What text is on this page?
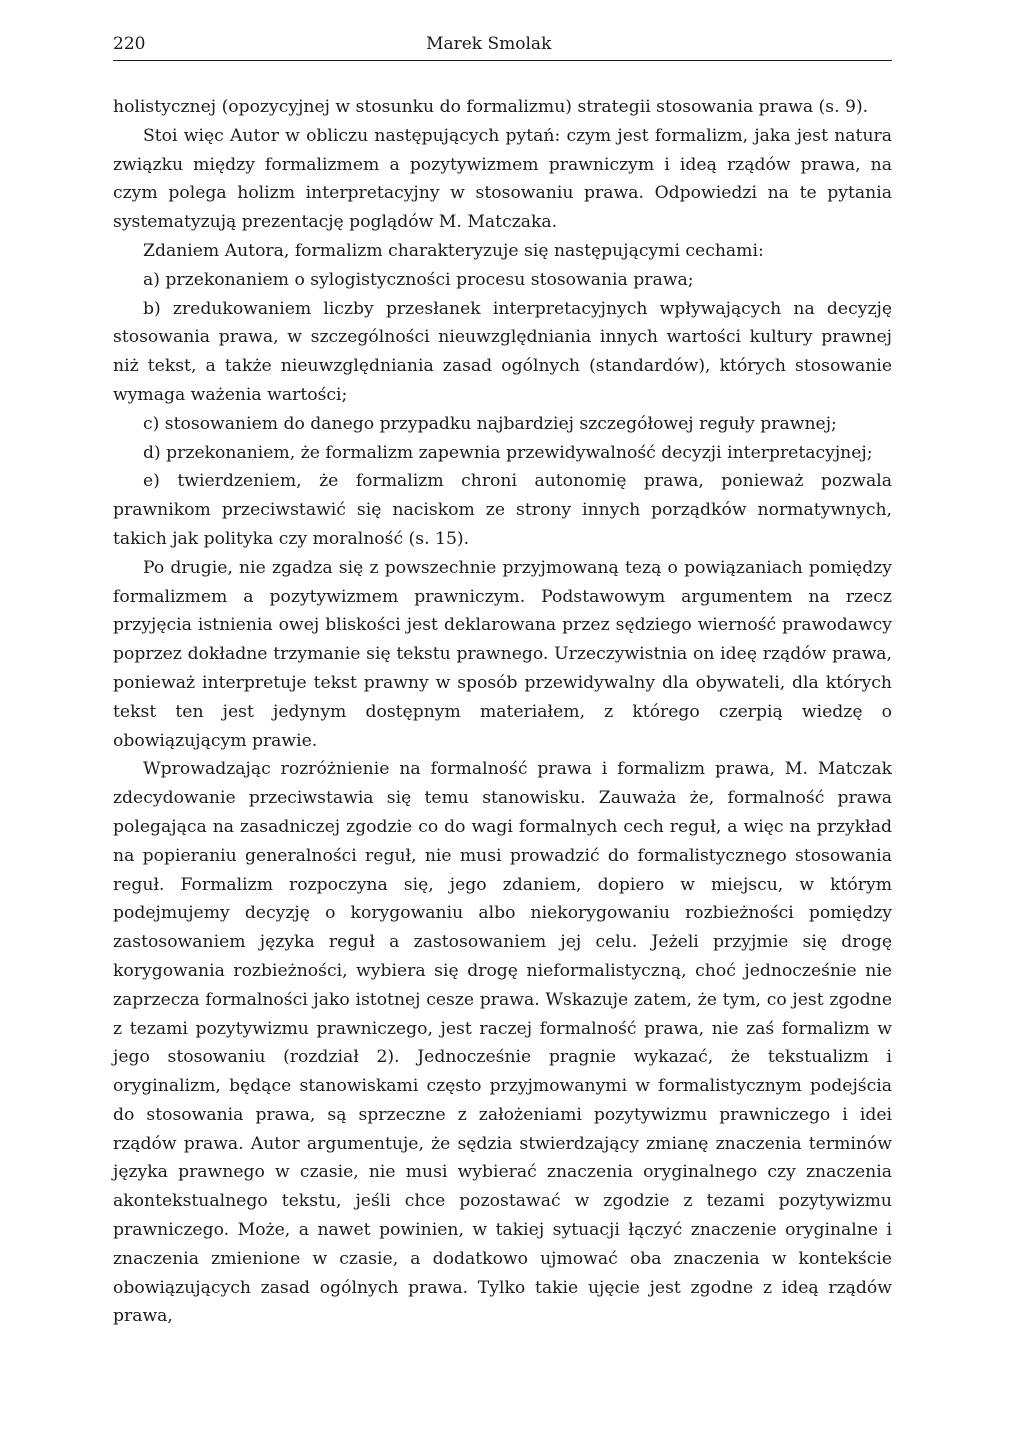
220	Marek Smolak

holistycznej (opozycyjnej w stosunku do formalizmu) strategii stosowania prawa (s. 9).

Stoi więc Autor w obliczu następujących pytań: czym jest formalizm, jaka jest natura związku między formalizmem a pozytywizmem prawniczym i ideą rządów prawa, na czym polega holizm interpretacyjny w stosowaniu prawa. Odpowiedzi na te pytania systematyzują prezentację poglądów M. Matczaka.

Zdaniem Autora, formalizm charakteryzuje się następującymi cechami:

a) przekonaniem o sylogistyczności procesu stosowania prawa;

b) zredukowaniem liczby przesłanek interpretacyjnych wpływających na decyzję stosowania prawa, w szczególności nieuwzględniania innych wartości kultury prawnej niż tekst, a także nieuwzględniania zasad ogólnych (standardów), których stosowanie wymaga ważenia wartości;

c) stosowaniem do danego przypadku najbardziej szczegółowej reguły prawnej;

d) przekonaniem, że formalizm zapewnia przewidywalność decyzji interpretacyjnej;

e) twierdzeniem, że formalizm chroni autonomię prawa, ponieważ pozwala prawnikom przeciwstawić się naciskom ze strony innych porządków normatywnych, takich jak polityka czy moralność (s. 15).

Po drugie, nie zgadza się z powszechnie przyjmowaną tezą o powiązaniach pomiędzy formalizmem a pozytywizmem prawniczym. Podstawowym argumentem na rzecz przyjęcia istnienia owej bliskości jest deklarowana przez sędziego wierność prawodawcy poprzez dokładne trzymanie się tekstu prawnego. Urzeczywistnia on ideę rządów prawa, ponieważ interpretuje tekst prawny w sposób przewidywalny dla obywateli, dla których tekst ten jest jedynym dostępnym materiałem, z którego czerpią wiedzę o obowiązującym prawie.

Wprowadzając rozróżnienie na formalność prawa i formalizm prawa, M. Matczak zdecydowanie przeciwstawia się temu stanowisku. Zauważa że, formalność prawa polegająca na zasadniczej zgodzie co do wagi formalnych cech reguł, a więc na przykład na popieraniu generalności reguł, nie musi prowadzić do formalistycznego stosowania reguł. Formalizm rozpoczyna się, jego zdaniem, dopiero w miejscu, w którym podejmujemy decyzję o korygowaniu albo niekorygowaniu rozbieżności pomiędzy zastosowaniem języka reguł a zastosowaniem jej celu. Jeżeli przyjmie się drogę korygowania rozbieżności, wybiera się drogę nieformalistyczną, choć jednocześnie nie zaprzecza formalności jako istotnej cesze prawa. Wskazuje zatem, że tym, co jest zgodne z tezami pozytywizmu prawniczego, jest raczej formalność prawa, nie zaś formalizm w jego stosowaniu (rozdział 2). Jednocześnie pragnie wykazać, że tekstualizm i oryginalizm, będące stanowiskami często przyjmowanymi w formalistycznym podejścia do stosowania prawa, są sprzeczne z założeniami pozytywizmu prawniczego i idei rządów prawa. Autor argumentuje, że sędzia stwierdzający zmianę znaczenia terminów języka prawnego w czasie, nie musi wybierać znaczenia oryginalnego czy znaczenia akontekstualnego tekstu, jeśli chce pozostawać w zgodzie z tezami pozytywizmu prawniczego. Może, a nawet powinien, w takiej sytuacji łączyć znaczenie oryginalne i znaczenia zmienione w czasie, a dodatkowo ujmować oba znaczenia w kontekście obowiązujących zasad ogólnych prawa. Tylko takie ujęcie jest zgodne z ideą rządów prawa,
